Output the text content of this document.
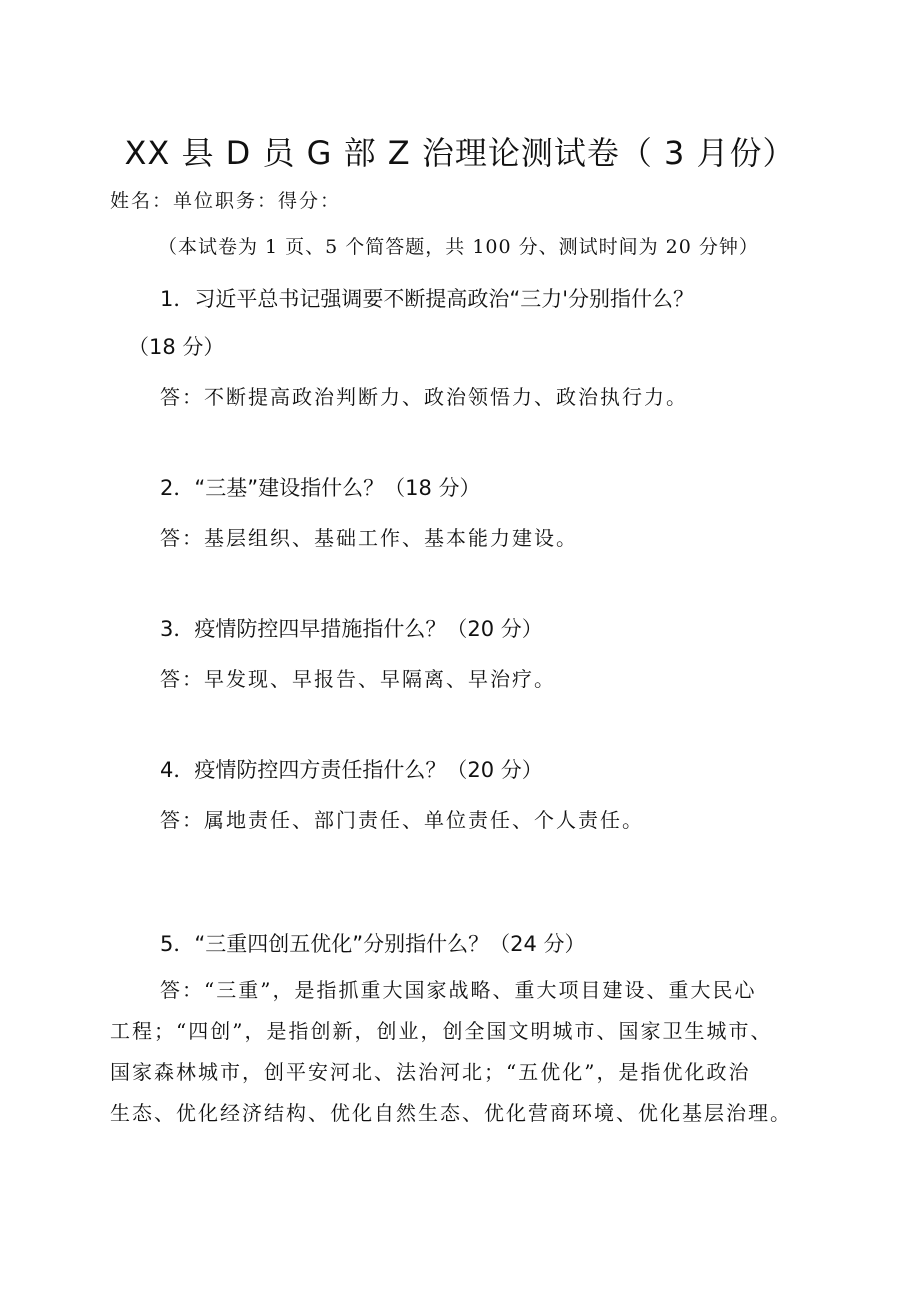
XX 县 D 员 G 部 Z 治理论测试卷（ 3 月份）
姓名：单位职务：得分：
（本试卷为 1 页、5 个简答题，共 100 分、测试时间为 20 分钟）
1．习近平总书记强调要不断提高政治“三力'分别指什么？
（18 分）
答：不断提高政治判断力、政治领悟力、政治执行力。
2．“三基”建设指什么？（18 分）
答：基层组织、基础工作、基本能力建设。
3．疫情防控四早措施指什么？（20 分）
答：早发现、早报告、早隔离、早治疗。
4．疫情防控四方责任指什么？（20 分）
答：属地责任、部门责任、单位责任、个人责任。
5．“三重四创五优化”分别指什么？（24 分）
答：“三重”，是指抓重大国家战略、重大项目建设、重大民心
工程；“四创”，是指创新，创业，创全国文明城市、国家卫生城市、
国家森林城市，创平安河北、法治河北；“五优化”，是指优化政治
生态、优化经济结构、优化自然生态、优化营商环境、优化基层治理。
